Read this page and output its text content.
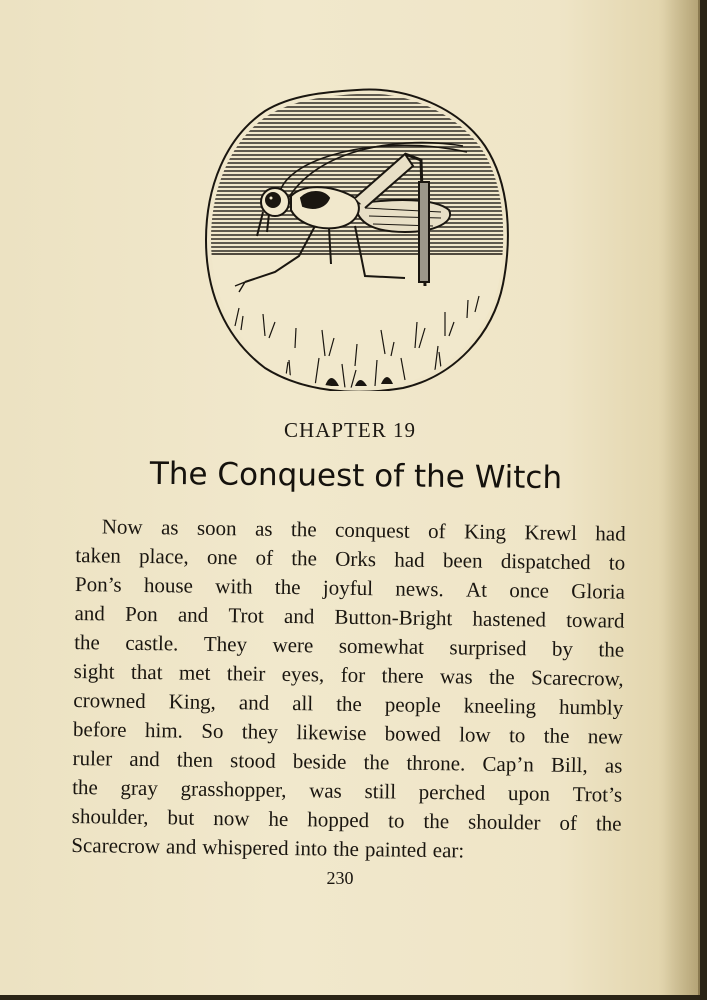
CHAPTER 19
The Conquest of the Witch
Now as soon as the conquest of King Krewl had
taken place, one of the Orks had been dispatched to
Pon’s house with the joyful news. At once Gloria
and Pon and Trot and Button-Bright hastened toward
the castle. They were somewhat surprised by the
sight that met their eyes, for there was the Scarecrow,
crowned King, and all the people kneeling humbly
before him. So they likewise bowed low to the new
ruler and then stood beside the throne. Cap’n Bill, as
the gray grasshopper, was still perched upon Trot’s
shoulder, but now he hopped to the shoulder of the
Scarecrow and whispered into the painted ear:
230
